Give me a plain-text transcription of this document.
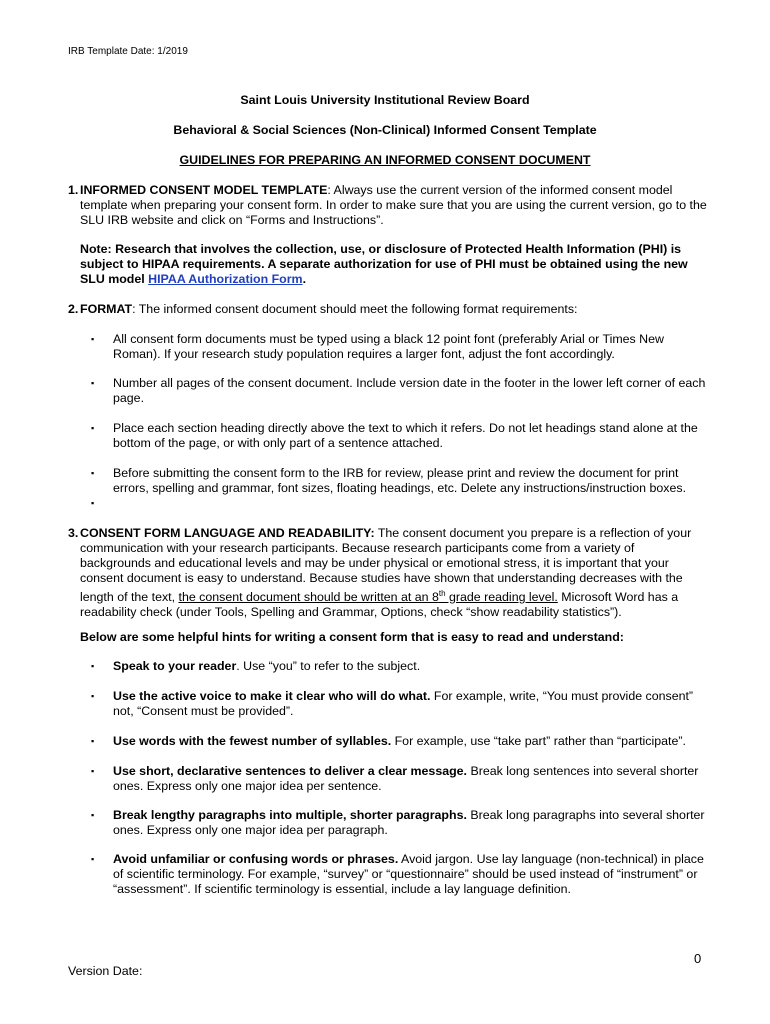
IRB Template Date: 1/2019
Saint Louis University Institutional Review Board
Behavioral & Social Sciences (Non-Clinical) Informed Consent Template
GUIDELINES FOR PREPARING AN INFORMED CONSENT DOCUMENT
1. INFORMED CONSENT MODEL TEMPLATE: Always use the current version of the informed consent model template when preparing your consent form. In order to make sure that you are using the current version, go to the SLU IRB website and click on “Forms and Instructions”.
Note: Research that involves the collection, use, or disclosure of Protected Health Information (PHI) is subject to HIPAA requirements. A separate authorization for use of PHI must be obtained using the new SLU model HIPAA Authorization Form.
2. FORMAT: The informed consent document should meet the following format requirements:
▪ All consent form documents must be typed using a black 12 point font (preferably Arial or Times New Roman). If your research study population requires a larger font, adjust the font accordingly.
▪ Number all pages of the consent document. Include version date in the footer in the lower left corner of each page.
▪ Place each section heading directly above the text to which it refers. Do not let headings stand alone at the bottom of the page, or with only part of a sentence attached.
▪ Before submitting the consent form to the IRB for review, please print and review the document for print errors, spelling and grammar, font sizes, floating headings, etc. Delete any instructions/instruction boxes.
▪
3. CONSENT FORM LANGUAGE AND READABILITY: The consent document you prepare is a reflection of your communication with your research participants. Because research participants come from a variety of backgrounds and educational levels and may be under physical or emotional stress, it is important that your consent document is easy to understand. Because studies have shown that understanding decreases with the length of the text, the consent document should be written at an 8th grade reading level. Microsoft Word has a readability check (under Tools, Spelling and Grammar, Options, check “show readability statistics”).
Below are some helpful hints for writing a consent form that is easy to read and understand:
▪ Speak to your reader. Use “you” to refer to the subject.
▪ Use the active voice to make it clear who will do what. For example, write, “You must provide consent” not, “Consent must be provided”.
▪ Use words with the fewest number of syllables. For example, use “take part” rather than “participate”.
▪ Use short, declarative sentences to deliver a clear message. Break long sentences into several shorter ones. Express only one major idea per sentence.
▪ Break lengthy paragraphs into multiple, shorter paragraphs. Break long paragraphs into several shorter ones. Express only one major idea per paragraph.
▪ Avoid unfamiliar or confusing words or phrases. Avoid jargon. Use lay language (non-technical) in place of scientific terminology. For example, “survey” or “questionnaire” should be used instead of “instrument” or “assessment”. If scientific terminology is essential, include a lay language definition.
0
Version Date:
